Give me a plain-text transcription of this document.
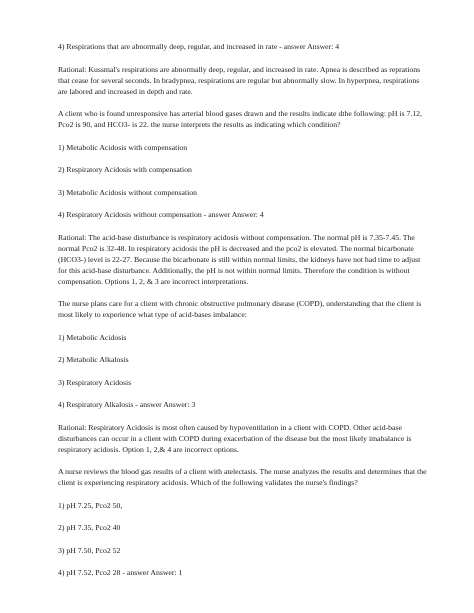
4) Respirations that are abnormally deep, regular, and increased in rate - answer Answer: 4

Rational: Kussmal's respirations are abnormally deep, regular, and increased in rate. Apnea is described as reprations that cease for several seconds. In bradypnea, respirations are regular but abnormally slow. In hyperpnea, respirations are labored and increased in depth and rate.

A client who is found unresponsive has arterial blood gases drawn and the results indicate dthe following: pH is 7.12, Pco2 is 90, and HCO3- is 22. the nurse interprets the results as indicating which condition?

1) Metabolic Acidosis with compensation

2) Respiratory Acidosis with compensation

3) Metabolic Acidosis without compensation

4) Respiratory Acidosis without compensation - answer Answer: 4

Rational: The acid-base disturbance is respiratory acidosis without compensation. The normal pH is 7.35-7.45. The normal Pco2 is 32-48. In respiratory acidosis the pH is decreased and the pco2 is elevated. The normal bicarbonate (HCO3-) level is 22-27. Because the bicarbonate is still within normal limits, the kidneys have not had time to adjust for this acid-base disturbance. Additionally, the pH is not within normal limits. Therefore the condition is without compensation. Options 1, 2, & 3 are incorrect interpretations.

The nurse plans care for a client with chronic obstructive pulmonary disease (COPD), understanding that the client is most likely to experience what type of acid-bases imbalance:

1) Metabolic Acidosis

2) Metabolic Alkalosis

3) Respiratory Acidosis

4) Respiratory Alkalosis - answer Answer: 3

Rational: Respiratory Acidosis is most often caused by hypoventilation in a client with COPD. Other acid-base disturbances can occur in a client with COPD during exacerbation of the disease but the most likely imabalance is respiratory acidosis. Option 1, 2,& 4 are incorrect options.

A nurse reviews the blood gas results of a client with atelectasis. The nurse analyzes the results and determines that the client is experiencing respiratory acidosis. Which of the following validates the nurse's findings?

1) pH 7.25, Pco2 50,

2) pH 7.35, Pco2 40

3) pH 7.50, Pco2 52

4) pH 7.52, Pco2 28 - answer Answer: 1
